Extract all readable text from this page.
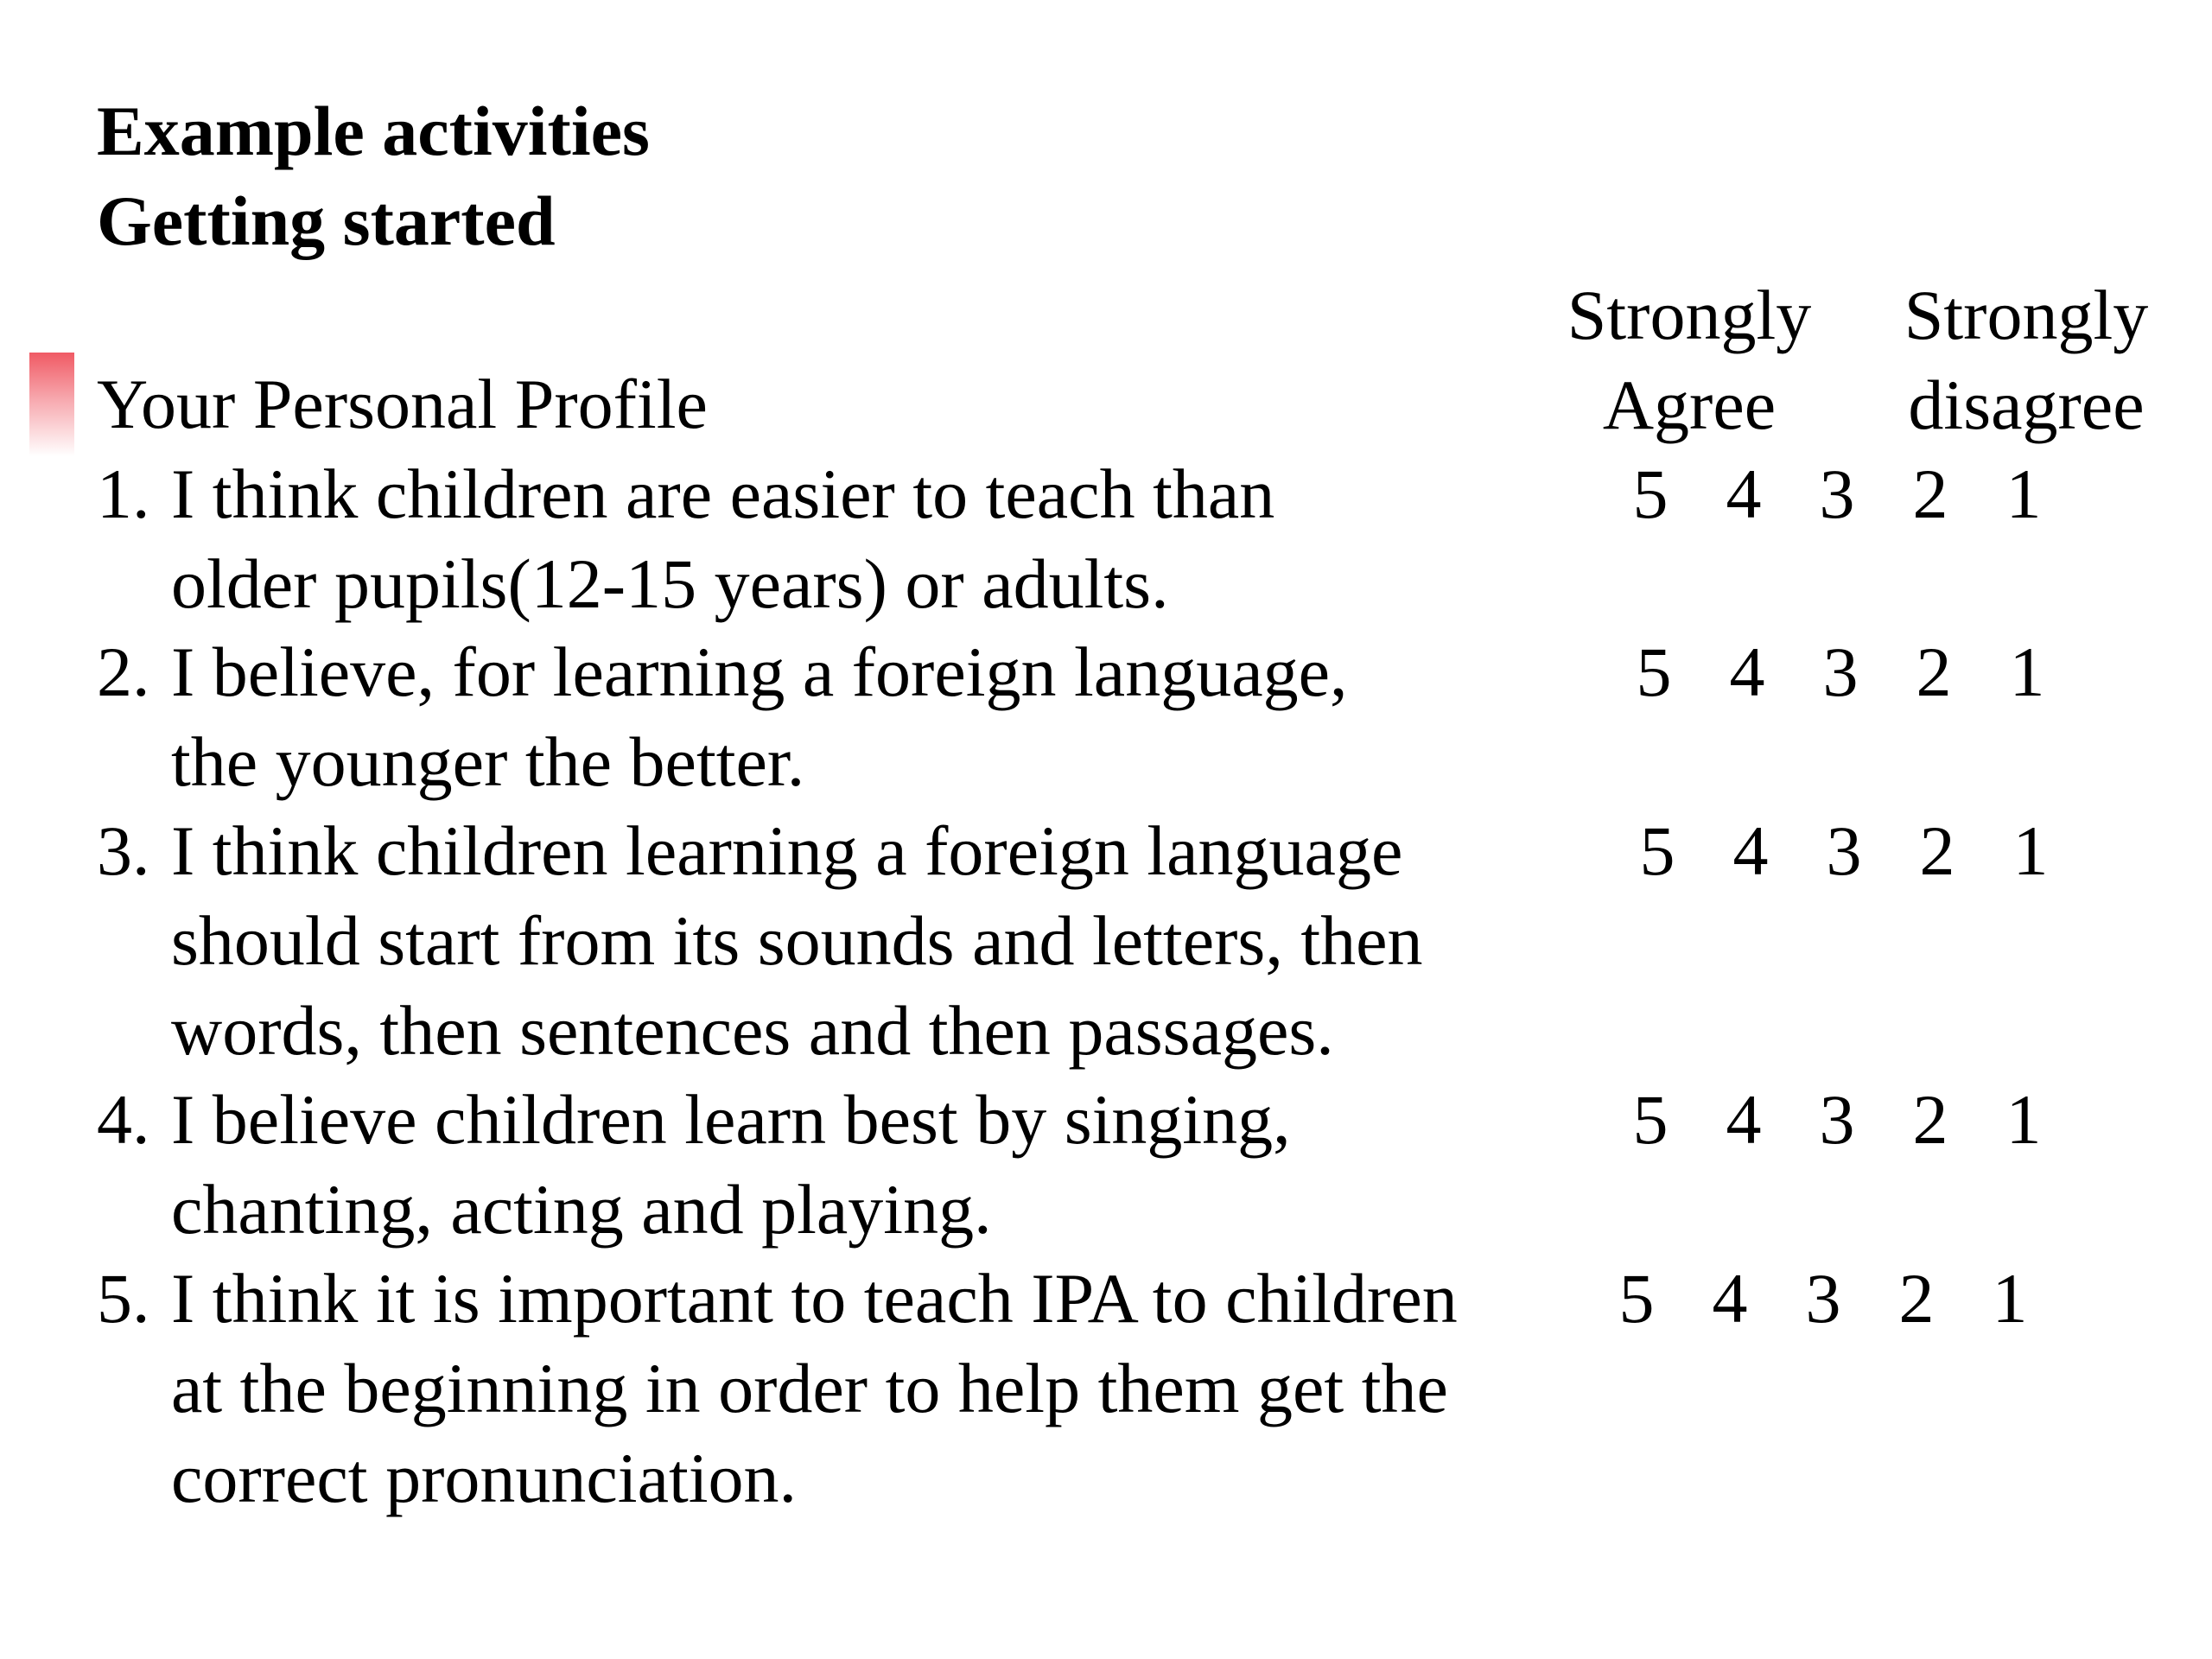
Example activities
Getting started
Strongly
Agree
Strongly
disagree
Your Personal Profile
1. I think children are easier to teach than
older pupils(12-15 years) or adults.
5 4 3 2 1
2. I believe, for learning a foreign language,
the younger the better.
5 4 3 2 1
3. I think children learning a foreign language
should start from its sounds and letters, then
words, then sentences and then passages.
5 4 3 2 1
4. I believe children learn best by singing,
chanting, acting and playing.
5 4 3 2 1
5. I think it is important to teach IPA to children
at the beginning in order to help them get the
correct pronunciation.
5 4 3 2 1
